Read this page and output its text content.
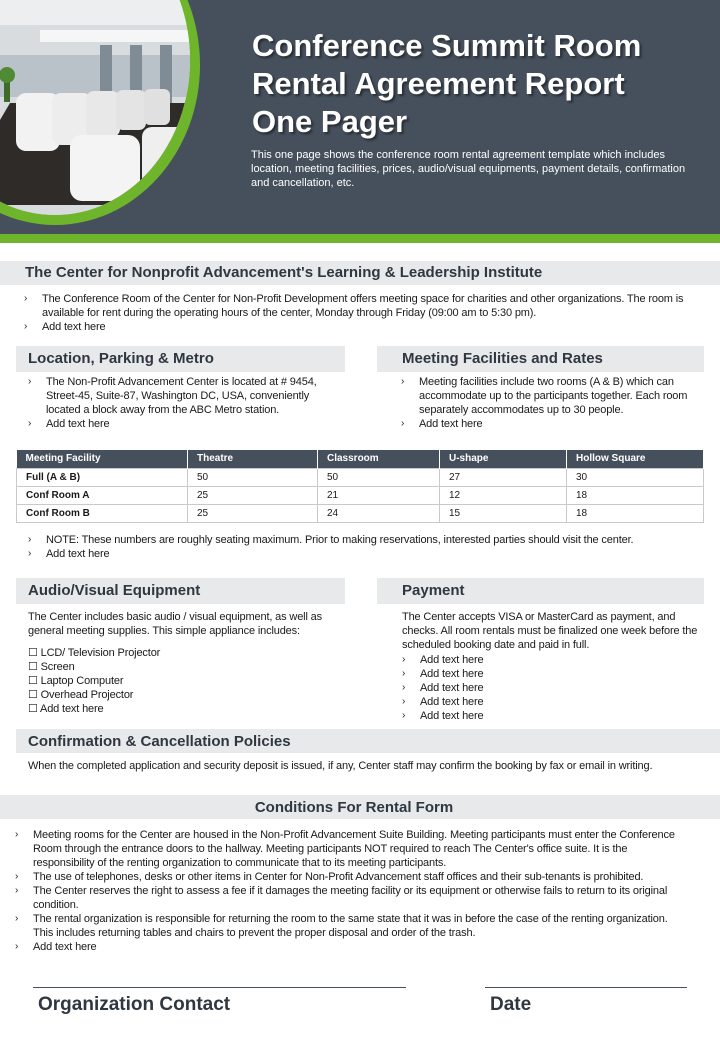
Conference Summit Room
Rental Agreement Report
One Pager
This one page shows the conference room rental agreement template which includes location, meeting facilities, prices, audio/visual equipments, payment details, confirmation and cancellation, etc.
The Center for Nonprofit Advancement's Learning & Leadership Institute
› The Conference Room of the Center for Non-Profit Development offers meeting space for charities and other organizations. The room is available for rent during the operating hours of the center, Monday through Friday (09:00 am to 5:30 pm).
› Add text here
Location, Parking & Metro
› The Non-Profit Advancement Center is located at # 9454, Street-45, Suite-87, Washington DC, USA, conveniently located a block away from the ABC Metro station.
› Add text here
Meeting Facilities and Rates
› Meeting facilities include two rooms (A & B) which can accommodate up to the participants together. Each room separately accommodates up to 30 people.
› Add text here
Meeting Facility	Theatre	Classroom	U-shape	Hollow Square
Full (A & B)	50	50	27	30
Conf Room A	25	21	12	18
Conf Room B	25	24	15	18
› NOTE: These numbers are roughly seating maximum. Prior to making reservations, interested parties should visit the center.
› Add text here
Audio/Visual Equipment
The Center includes basic audio / visual equipment, as well as general meeting supplies. This simple appliance includes:
☐ LCD/ Television Projector
☐ Screen
☐ Laptop Computer
☐ Overhead Projector
☐ Add text here
Payment
The Center accepts VISA or MasterCard as payment, and checks. All room rentals must be finalized one week before the scheduled booking date and paid in full.
› Add text here
› Add text here
› Add text here
› Add text here
› Add text here
Confirmation & Cancellation Policies
When the completed application and security deposit is issued, if any, Center staff may confirm the booking by fax or email in writing.
Conditions For Rental Form
› Meeting rooms for the Center are housed in the Non-Profit Advancement Suite Building. Meeting participants must enter the Conference Room through the entrance doors to the hallway. Meeting participants NOT required to reach The Center's office suite. It is the responsibility of the renting organization to communicate that to its meeting participants.
› The use of telephones, desks or other items in Center for Non-Profit Advancement staff offices and their sub-tenants is prohibited.
› The Center reserves the right to assess a fee if it damages the meeting facility or its equipment or otherwise fails to return to its original condition.
› The rental organization is responsible for returning the room to the same state that it was in before the case of the renting organization. This includes returning tables and chairs to prevent the proper disposal and order of the trash.
› Add text here
Organization Contact	Date
